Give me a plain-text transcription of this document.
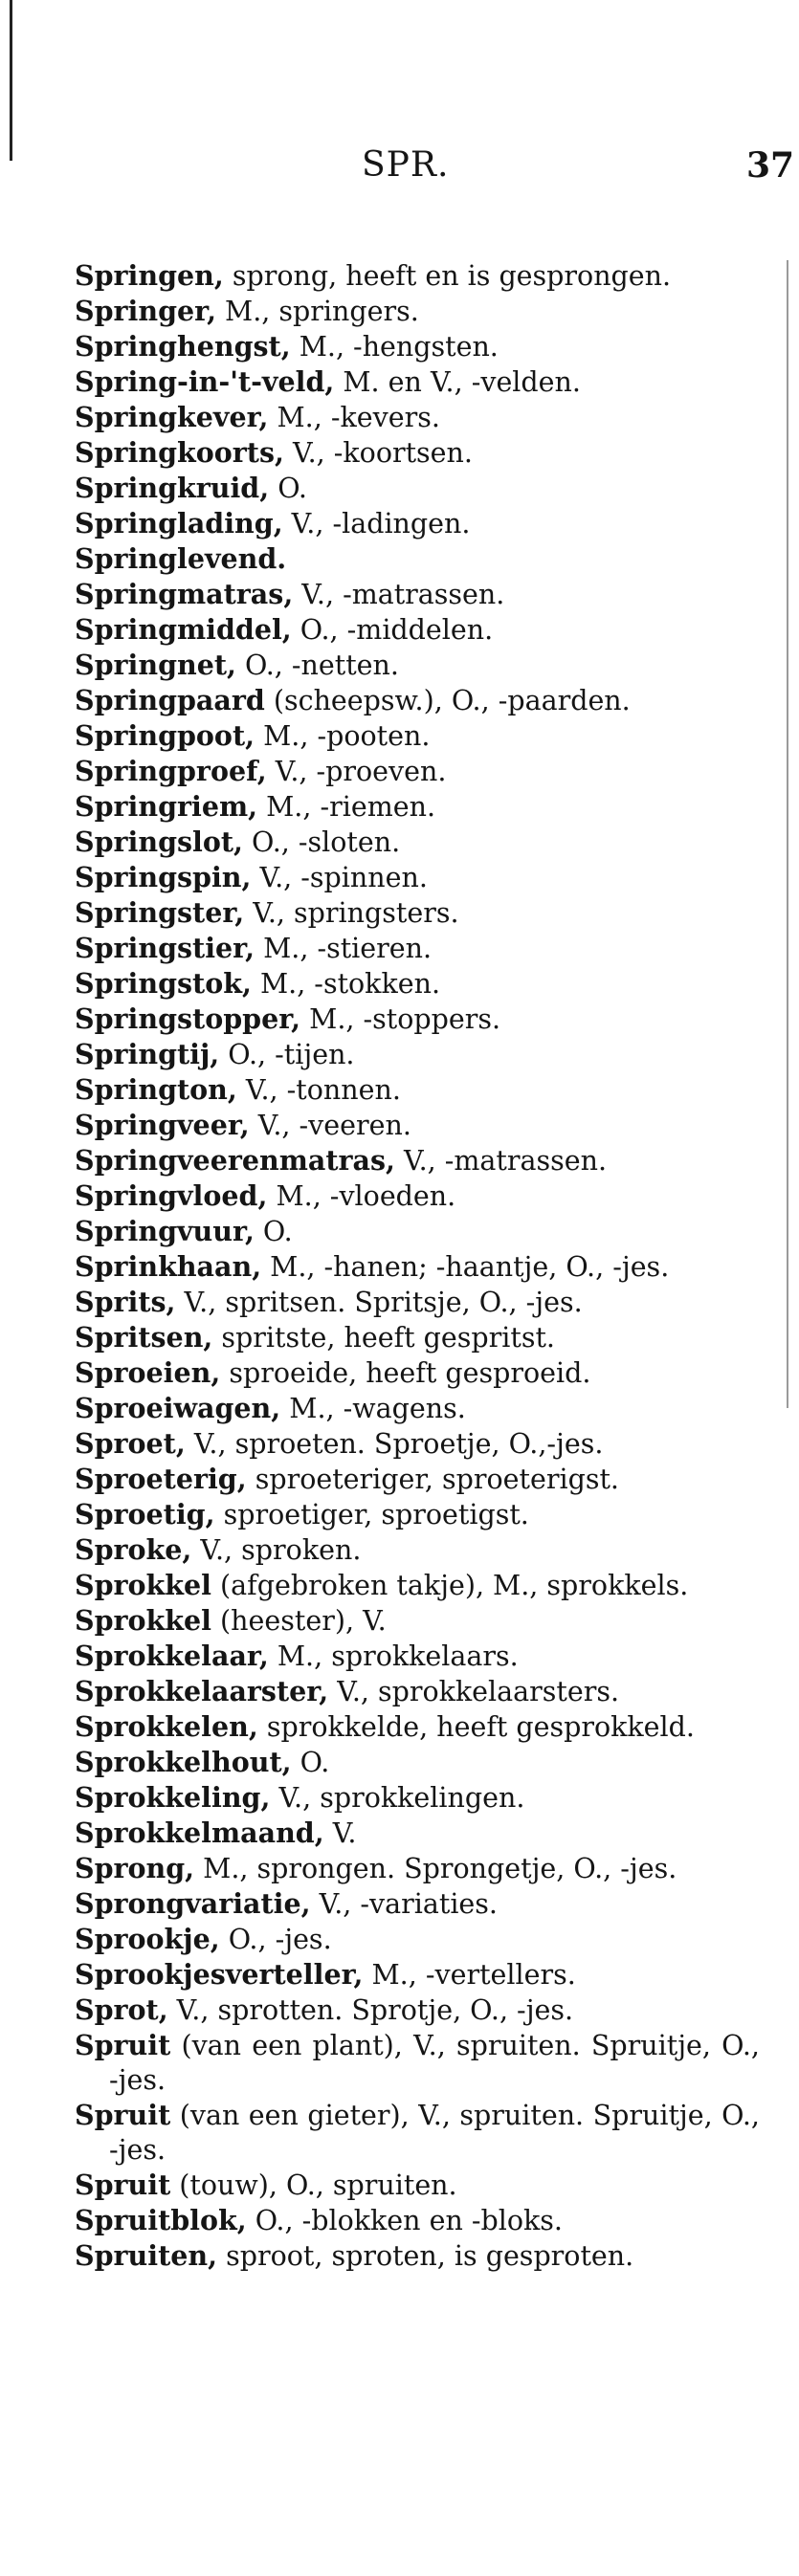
SPR.	37
Springen, sprong, heeft en is gesprongen.
Springer, M., springers.
Springhengst, M., -hengsten.
Spring-in-'t-veld, M. en V., -velden.
Springkever, M., -kevers.
Springkoorts, V., -koortsen.
Springkruid, O.
Springlading, V., -ladingen.
Springlevend.
Springmatras, V., -matrassen.
Springmiddel, O., -middelen.
Springnet, O., -netten.
Springpaard (scheepsw.), O., -paarden.
Springpoot, M., -pooten.
Springproef, V., -proeven.
Springriem, M., -riemen.
Springslot, O., -sloten.
Springspin, V., -spinnen.
Springster, V., springsters.
Springstier, M., -stieren.
Springstok, M., -stokken.
Springstopper, M., -stoppers.
Springtij, O., -tijen.
Springton, V., -tonnen.
Springveer, V., -veeren.
Springveerenmatras, V., -matrassen.
Springvloed, M., -vloeden.
Springvuur, O.
Sprinkhaan, M., -hanen; -haantje, O., -jes.
Sprits, V., spritsen. Spritsje, O., -jes.
Spritsen, spritste, heeft gespritst.
Sproeien, sproeide, heeft gesproeid.
Sproeiwagen, M., -wagens.
Sproet, V., sproeten. Sproetje, O.,-jes.
Sproeterig, sproeteriger, sproeterigst.
Sproetig, sproetiger, sproetigst.
Sproke, V., sproken.
Sprokkel (afgebroken takje), M., sprokkels.
Sprokkel (heester), V.
Sprokkelaar, M., sprokkelaars.
Sprokkelaarster, V., sprokkelaarsters.
Sprokkelen, sprokkelde, heeft gesprokkeld.
Sprokkelhout, O.
Sprokkeling, V., sprokkelingen.
Sprokkelmaand, V.
Sprong, M., sprongen. Sprongetje, O., -jes.
Sprongvariatie, V., -variaties.
Sprookje, O., -jes.
Sprookjesverteller, M., -vertellers.
Sprot, V., sprotten. Sprotje, O., -jes.
Spruit (van een plant), V., spruiten. Spruitje, O., -jes.
Spruit (van een gieter), V., spruiten. Spruitje, O., -jes.
Spruit (touw), O., spruiten.
Spruitblok, O., -blokken en -bloks.
Spruiten, sproot, sproten, is gesproten.
